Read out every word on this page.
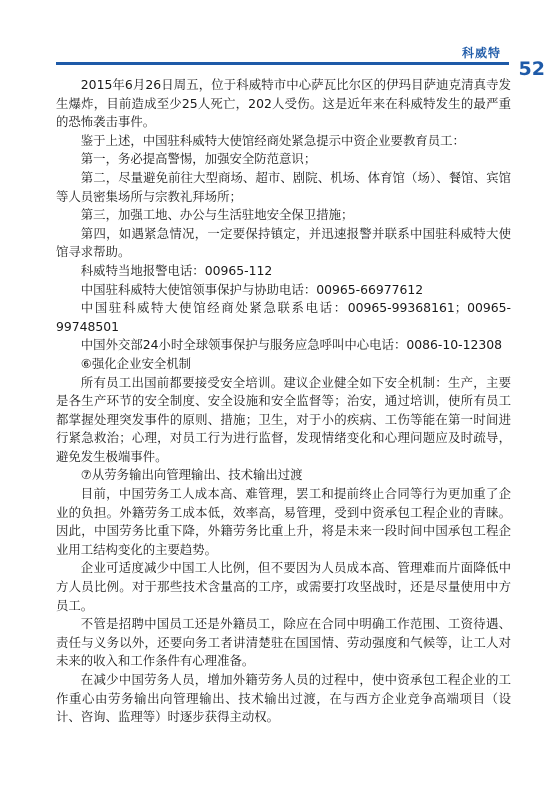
科威特
52

2015年6月26日周五，位于科威特市中心萨瓦比尔区的伊玛目萨迪克清真寺发生爆炸，目前造成至少25人死亡，202人受伤。这是近年来在科威特发生的最严重的恐怖袭击事件。

鉴于上述，中国驻科威特大使馆经商处紧急提示中资企业要教育员工：

第一，务必提高警惕，加强安全防范意识；

第二，尽量避免前往大型商场、超市、剧院、机场、体育馆（场）、餐馆、宾馆等人员密集场所与宗教礼拜场所；

第三，加强工地、办公与生活驻地安全保卫措施；

第四，如遇紧急情况，一定要保持镇定，并迅速报警并联系中国驻科威特大使馆寻求帮助。

科威特当地报警电话：00965-112

中国驻科威特大使馆领事保护与协助电话：00965-66977612

中国驻科威特大使馆经商处紧急联系电话：00965-99368161；00965-99748501

中国外交部24小时全球领事保护与服务应急呼叫中心电话：0086-10-12308

⑥强化企业安全机制

所有员工出国前都要接受安全培训。建议企业健全如下安全机制：生产，主要是各生产环节的安全制度、安全设施和安全监督等；治安，通过培训，使所有员工都掌握处理突发事件的原则、措施；卫生，对于小的疾病、工伤等能在第一时间进行紧急救治；心理，对员工行为进行监督，发现情绪变化和心理问题应及时疏导，避免发生极端事件。

⑦从劳务输出向管理输出、技术输出过渡

目前，中国劳务工人成本高、难管理，罢工和提前终止合同等行为更加重了企业的负担。外籍劳务工成本低，效率高，易管理，受到中资承包工程企业的青睐。因此，中国劳务比重下降，外籍劳务比重上升，将是未来一段时间中国承包工程企业用工结构变化的主要趋势。

企业可适度减少中国工人比例，但不要因为人员成本高、管理难而片面降低中方人员比例。对于那些技术含量高的工序，或需要打攻坚战时，还是尽量使用中方员工。

不管是招聘中国员工还是外籍员工，除应在合同中明确工作范围、工资待遇、责任与义务以外，还要向务工者讲清楚驻在国国情、劳动强度和气候等，让工人对未来的收入和工作条件有心理准备。

在减少中国劳务人员，增加外籍劳务人员的过程中，使中资承包工程企业的工作重心由劳务输出向管理输出、技术输出过渡，在与西方企业竞争高端项目（设计、咨询、监理等）时逐步获得主动权。
